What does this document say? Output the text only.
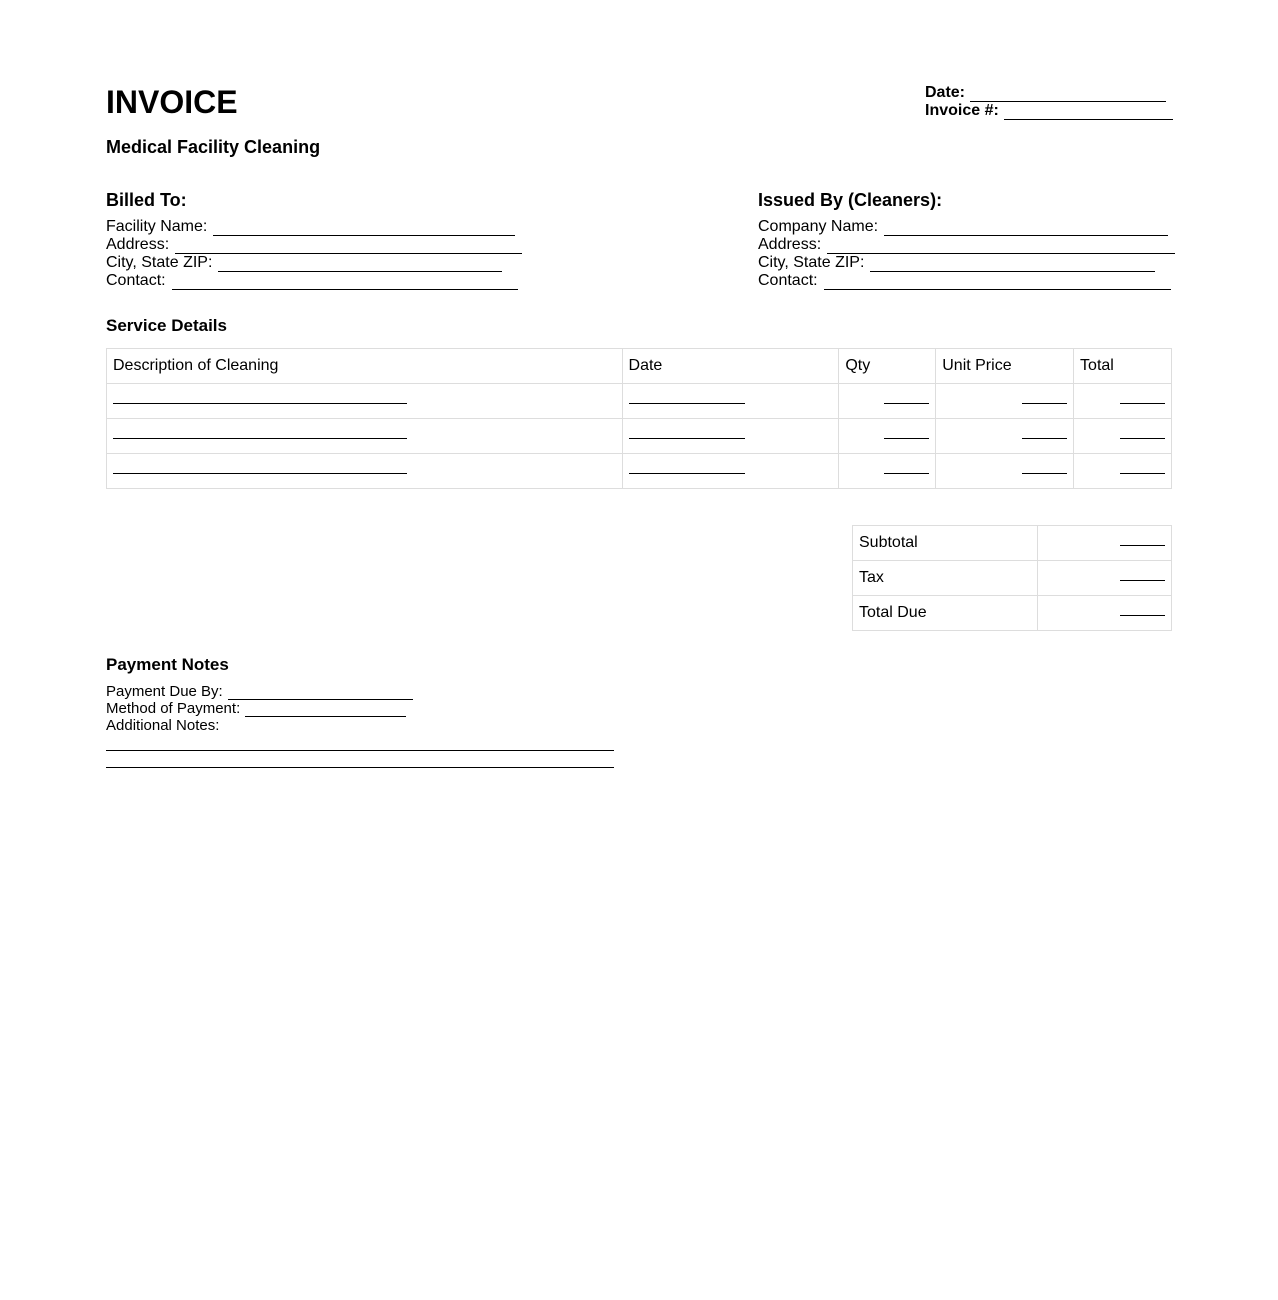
INVOICE
Medical Facility Cleaning
Date:
Invoice #:
Billed To:
Facility Name:
Address:
City, State ZIP:
Contact:
Issued By (Cleaners):
Company Name:
Address:
City, State ZIP:
Contact:
Service Details
Description of Cleaning	Date	Qty	Unit Price	Total

Subtotal	
Tax	
Total Due	
Payment Notes
Payment Due By:
Method of Payment:
Additional Notes:
